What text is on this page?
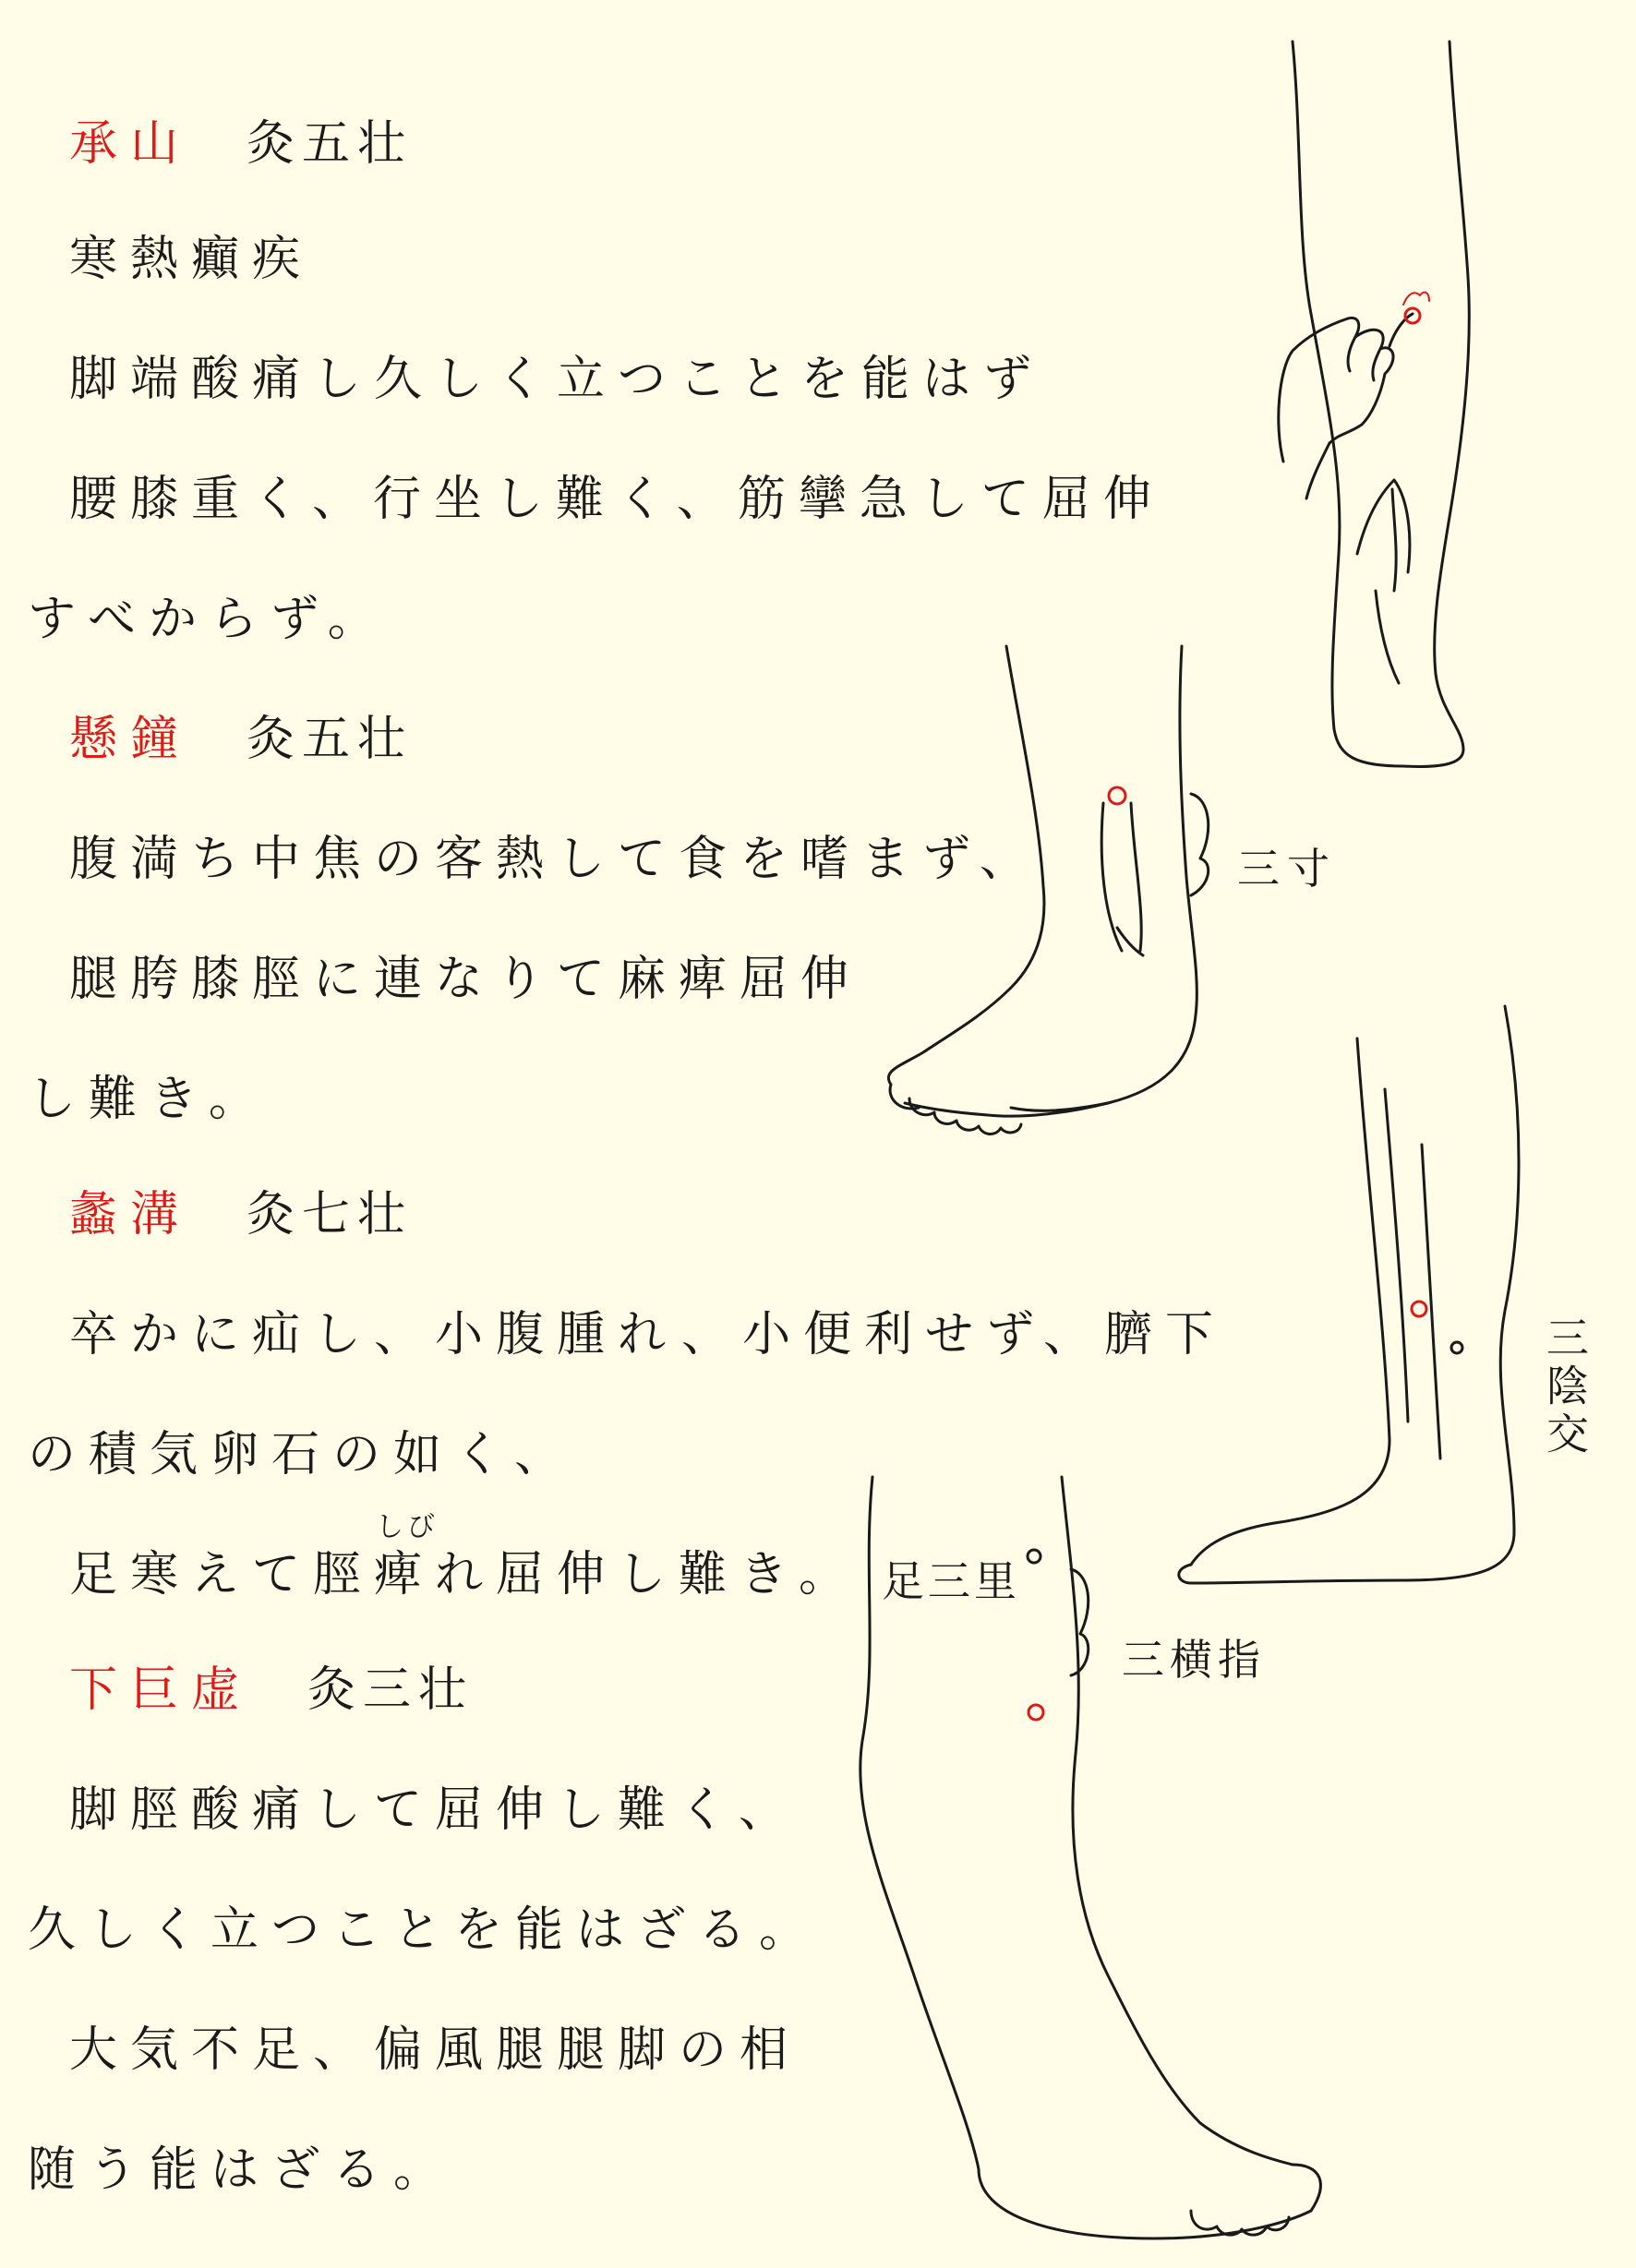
承山 灸五壮
寒熱癲疾
脚端酸痛し久しく立つことを能はず
腰膝重く、行坐し難く、筋攣急して屈伸
すべからず。
懸鐘 灸五壮
腹満ち中焦の客熱して食を嗜まず、
腿胯膝脛に連なりて麻痺屈伸
し難き。
蠡溝 灸七壮
卒かに疝し、小腹腫れ、小便利せず、臍下
の積気卵石の如く、
足寒えて脛痺
しび
れ屈伸し難き。
下巨虚 灸三壮
脚脛酸痛して屈伸し難く、
久しく立つことを能はざる。
大気不足、偏風腿腿脚の相
随う能はざる。
三寸
三陰交
足三里
三横指
